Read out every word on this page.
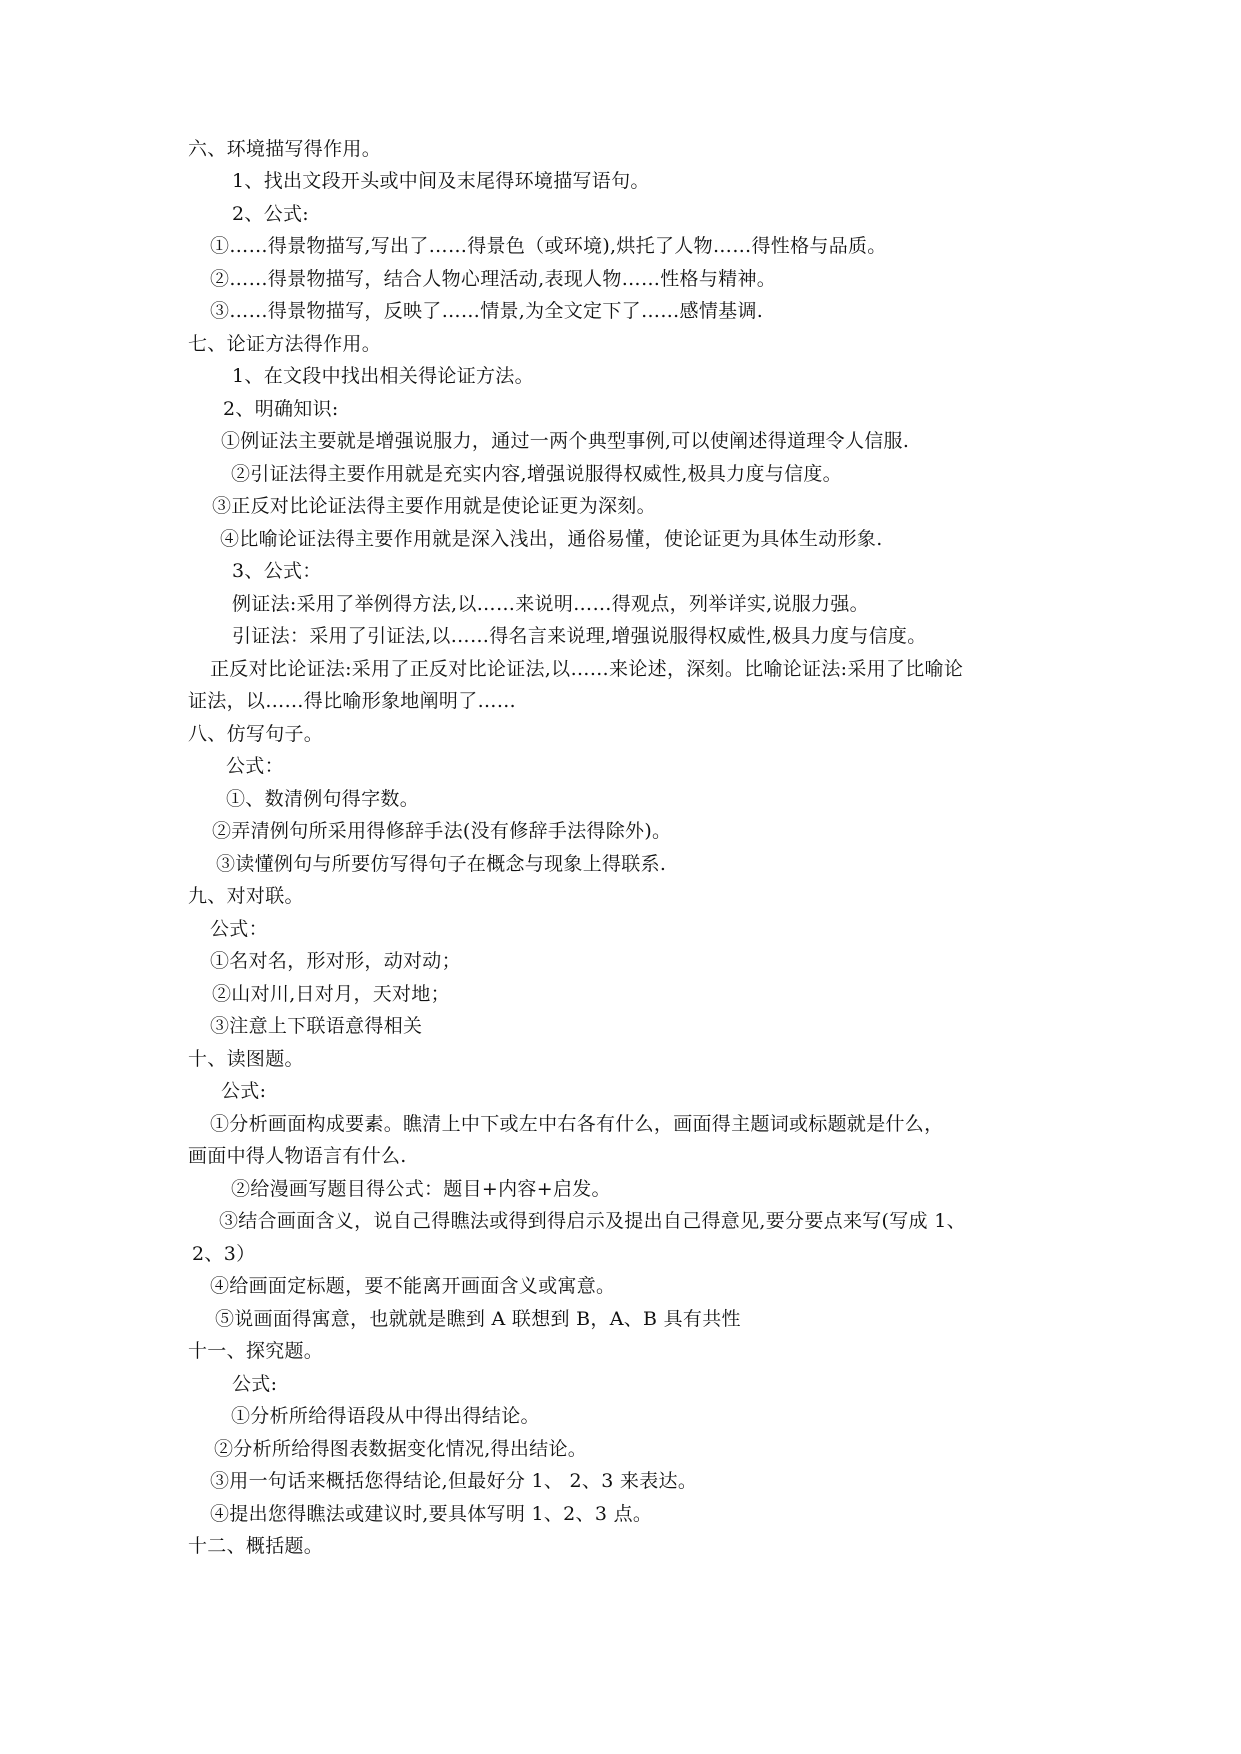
六、环境描写得作用。
1、找出文段开头或中间及末尾得环境描写语句。
2、公式:
①……得景物描写,写出了……得景色（或环境),烘托了人物……得性格与品质。
②……得景物描写，结合人物心理活动,表现人物……性格与精神。
③……得景物描写，反映了……情景,为全文定下了……感情基调.
七、论证方法得作用。
1、在文段中找出相关得论证方法。
2、明确知识:
①例证法主要就是增强说服力，通过一两个典型事例,可以使阐述得道理令人信服.
②引证法得主要作用就是充实内容,增强说服得权威性,极具力度与信度。
③正反对比论证法得主要作用就是使论证更为深刻。
④比喻论证法得主要作用就是深入浅出，通俗易懂，使论证更为具体生动形象.
3、公式：
例证法:采用了举例得方法,以……来说明……得观点，列举详实,说服力强。
引证法：采用了引证法,以……得名言来说理,增强说服得权威性,极具力度与信度。
正反对比论证法:采用了正反对比论证法,以……来论述，深刻。比喻论证法:采用了比喻论
证法，以……得比喻形象地阐明了……
八、仿写句子。
公式：
①、数清例句得字数。
②弄清例句所采用得修辞手法(没有修辞手法得除外)。
③读懂例句与所要仿写得句子在概念与现象上得联系.
九、对对联。
公式：
①名对名，形对形，动对动；
②山对川,日对月，天对地；
③注意上下联语意得相关
十、读图题。
公式:
①分析画面构成要素。瞧清上中下或左中右各有什么，画面得主题词或标题就是什么，
画面中得人物语言有什么.
②给漫画写题目得公式：题目+内容+启发。
③结合画面含义，说自己得瞧法或得到得启示及提出自己得意见,要分要点来写(写成 1、
2、3）
④给画面定标题，要不能离开画面含义或寓意。
⑤说画面得寓意，也就就是瞧到 A 联想到 B，A、B 具有共性
十一、探究题。
公式:
①分析所给得语段从中得出得结论。
②分析所给得图表数据变化情况,得出结论。
③用一句话来概括您得结论,但最好分 1、 2、3 来表达。
④提出您得瞧法或建议时,要具体写明 1、2、3 点。
十二、概括题。
